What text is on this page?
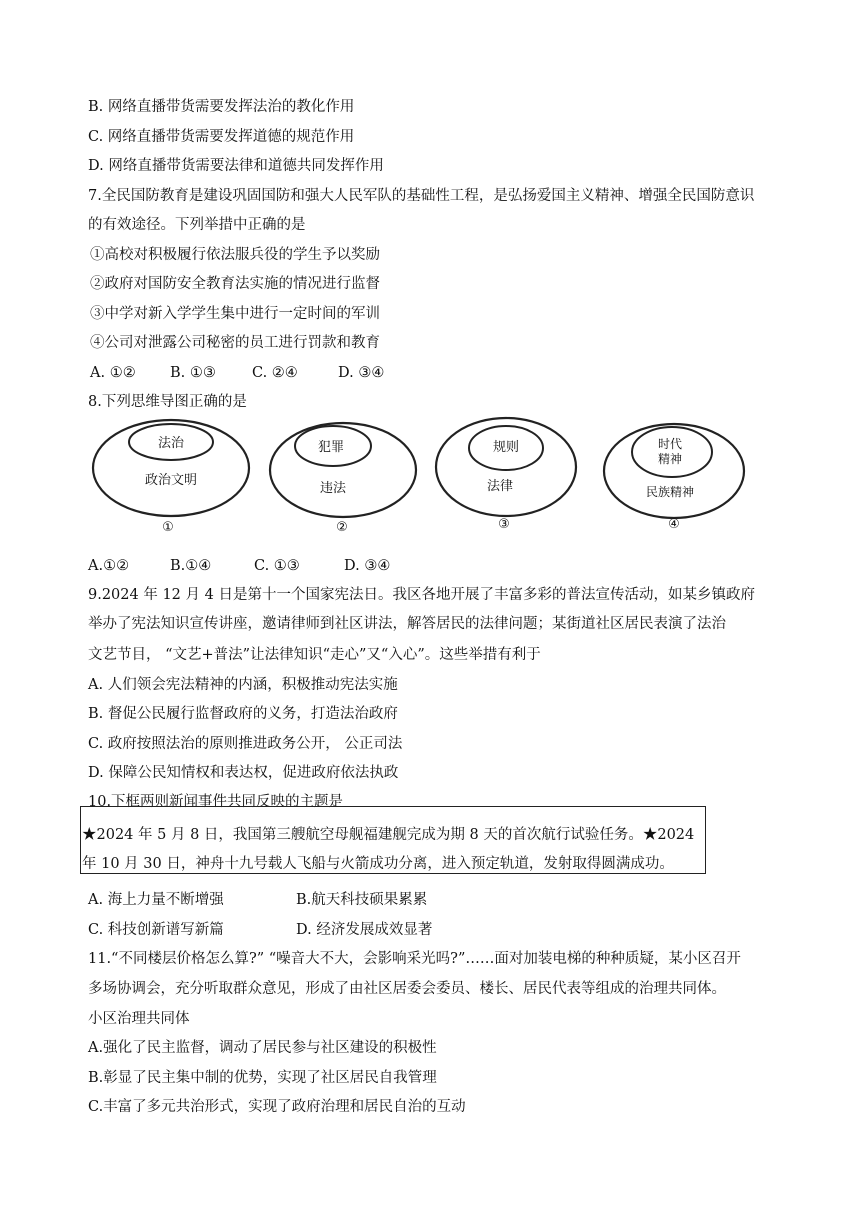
B. 网络直播带货需要发挥法治的教化作用
C. 网络直播带货需要发挥道德的规范作用
D. 网络直播带货需要法律和道德共同发挥作用
7.全民国防教育是建设巩固国防和强大人民军队的基础性工程，是弘扬爱国主义精神、增强全民国防意识
的有效途径。下列举措中正确的是
①高校对积极履行依法服兵役的学生予以奖励
②政府对国防安全教育法实施的情况进行监督
③中学对新入学学生集中进行一定时间的军训
④公司对泄露公司秘密的员工进行罚款和教育
A. ①② B. ①③ C. ②④	D. ③④
8.下列思维导图正确的是
法治
政治文明
①
犯罪
违法
②
规则
法律
③
时代
精神
民族精神
④
A.①②	B.①④	C. ①③	D. ③④
9.2024 年 12 月 4 日是第十一个国家宪法日。我区各地开展了丰富多彩的普法宣传活动，如某乡镇政府
举办了宪法知识宣传讲座，邀请律师到社区讲法，解答居民的法律问题；某街道社区居民表演了法治
文艺节目， “文艺+普法”让法律知识“走心”又“入心”。这些举措有利于
A. 人们领会宪法精神的内涵，积极推动宪法实施
B. 督促公民履行监督政府的义务，打造法治政府
C. 政府按照法治的原则推进政务公开， 公正司法
D. 保障公民知情权和表达权，促进政府依法执政
10.下框两则新闻事件共同反映的主题是
★2024 年 5 月 8 日，我国第三艘航空母舰福建舰完成为期 8 天的首次航行试验任务。★2024
年 10 月 30 日，神舟十九号载人飞船与火箭成功分离，进入预定轨道，发射取得圆满成功。
A. 海上力量不断增强	B.航天科技硕果累累
C. 科技创新谱写新篇	D. 经济发展成效显著
11.“不同楼层价格怎么算?” “噪音大不大，会影响采光吗?”……面对加装电梯的种种质疑，某小区召开
多场协调会，充分听取群众意见，形成了由社区居委会委员、楼长、居民代表等组成的治理共同体。
小区治理共同体
A.强化了民主监督，调动了居民参与社区建设的积极性
B.彰显了民主集中制的优势，实现了社区居民自我管理
C.丰富了多元共治形式，实现了政府治理和居民自治的互动
